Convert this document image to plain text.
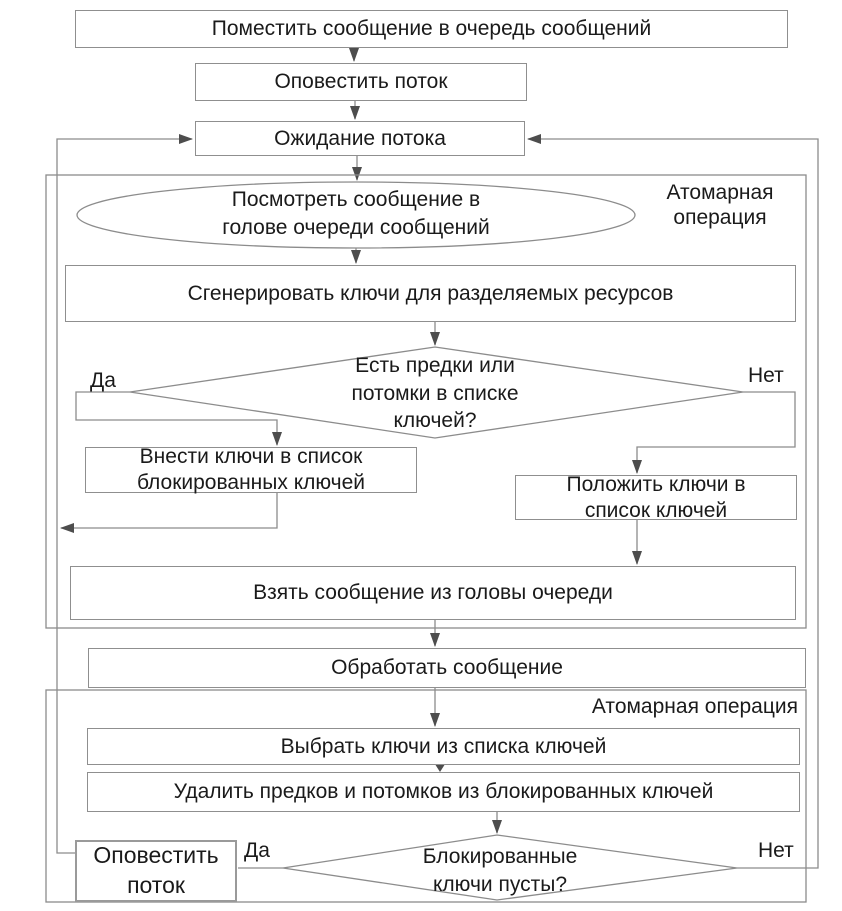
Поместить сообщение в очередь сообщений
Оповестить поток
Ожидание потока
Атомарная операция
Посмотреть сообщение в
голове очереди сообщений
Сгенерировать ключи для разделяемых ресурсов
Есть предки или
потомки в списке
ключей?
Да	Нет
Внести ключи в список
блокированных ключей	Положить ключи в
список ключей
Взять сообщение из головы очереди
Обработать сообщение
Атомарная операция
Выбрать ключи из списка ключей
Удалить предков и потомков из блокированных ключей
Блокированные
ключи пусты?
Да	Нет
Оповестить
поток
